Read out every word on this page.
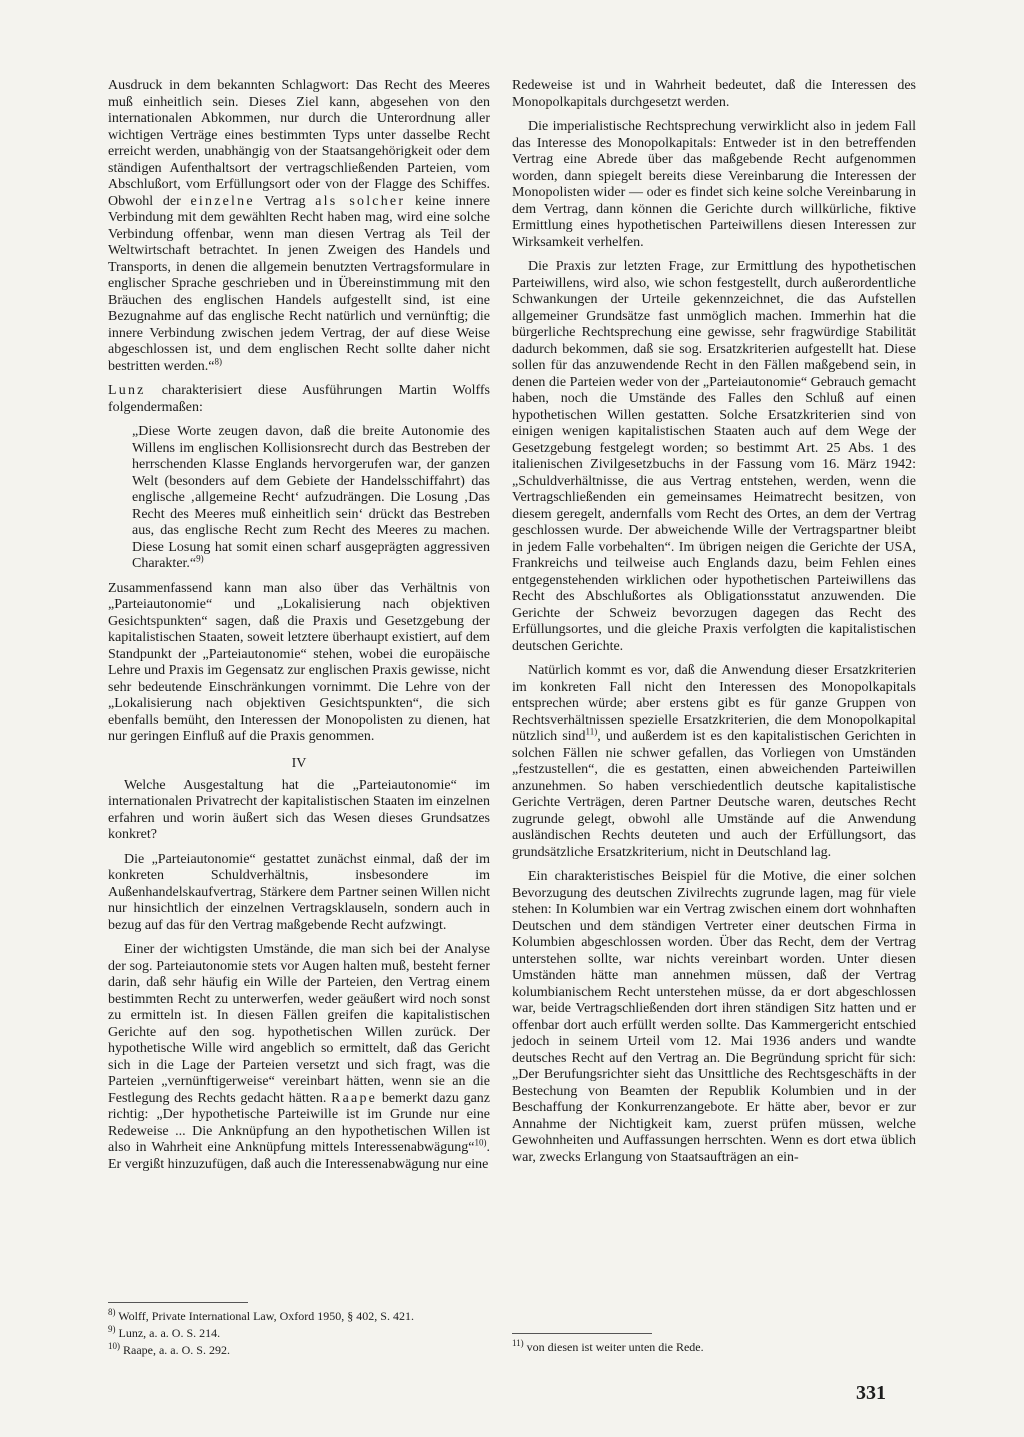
Ausdruck in dem bekannten Schlagwort: Das Recht des Meeres muß einheitlich sein. Dieses Ziel kann, abgesehen von den internationalen Abkommen, nur durch die Unterordnung aller wichtigen Verträge eines bestimmten Typs unter dasselbe Recht erreicht werden, unabhängig von der Staatsangehörigkeit oder dem ständigen Aufenthaltsort der vertragschließenden Parteien, vom Abschlußort, vom Erfüllungsort oder von der Flagge des Schiffes. Obwohl der einzelne Vertrag als solcher keine innere Verbindung mit dem gewählten Recht haben mag, wird eine solche Verbindung offenbar, wenn man diesen Vertrag als Teil der Weltwirtschaft betrachtet. In jenen Zweigen des Handels und Transports, in denen die allgemein benutzten Vertragsformulare in englischer Sprache geschrieben und in Übereinstimmung mit den Bräuchen des englischen Handels aufgestellt sind, ist eine Bezugnahme auf das englische Recht natürlich und vernünftig; die innere Verbindung zwischen jedem Vertrag, der auf diese Weise abgeschlossen ist, und dem englischen Recht sollte daher nicht bestritten werden.“$^{8)}$

Lunz charakterisiert diese Ausführungen Martin Wolffs folgendermaßen:

„Diese Worte zeugen davon, daß die breite Autonomie des Willens im englischen Kollisionsrecht durch das Bestreben der herrschenden Klasse Englands hervorgerufen war, der ganzen Welt (besonders auf dem Gebiete der Handelsschiffahrt) das englische ‚allgemeine Recht‘ aufzudrängen. Die Losung ‚Das Recht des Meeres muß einheitlich sein‘ drückt das Bestreben aus, das englische Recht zum Recht des Meeres zu machen. Diese Losung hat somit einen scharf ausgeprägten aggressiven Charakter.“$^{9)}$

Zusammenfassend kann man also über das Verhältnis von „Parteiautonomie“ und „Lokalisierung nach objektiven Gesichtspunkten“ sagen, daß die Praxis und Gesetzgebung der kapitalistischen Staaten, soweit letztere überhaupt existiert, auf dem Standpunkt der „Parteiautonomie“ stehen, wobei die europäische Lehre und Praxis im Gegensatz zur englischen Praxis gewisse, nicht sehr bedeutende Einschränkungen vornimmt. Die Lehre von der „Lokalisierung nach objektiven Gesichtspunkten“, die sich ebenfalls bemüht, den Interessen der Monopolisten zu dienen, hat nur geringen Einfluß auf die Praxis genommen.

IV

Welche Ausgestaltung hat die „Parteiautonomie“ im internationalen Privatrecht der kapitalistischen Staaten im einzelnen erfahren und worin äußert sich das Wesen dieses Grundsatzes konkret?

Die „Parteiautonomie“ gestattet zunächst einmal, daß der im konkreten Schuldverhältnis, insbesondere im Außenhandelskaufvertrag, Stärkere dem Partner seinen Willen nicht nur hinsichtlich der einzelnen Vertragsklauseln, sondern auch in bezug auf das für den Vertrag maßgebende Recht aufzwingt.

Einer der wichtigsten Umstände, die man sich bei der Analyse der sog. Parteiautonomie stets vor Augen halten muß, besteht ferner darin, daß sehr häufig ein Wille der Parteien, den Vertrag einem bestimmten Recht zu unterwerfen, weder geäußert wird noch sonst zu ermitteln ist. In diesen Fällen greifen die kapitalistischen Gerichte auf den sog. hypothetischen Willen zurück. Der hypothetische Wille wird angeblich so ermittelt, daß das Gericht sich in die Lage der Parteien versetzt und sich fragt, was die Parteien „vernünftigerweise“ vereinbart hätten, wenn sie an die Festlegung des Rechts gedacht hätten. Raape bemerkt dazu ganz richtig: „Der hypothetische Parteiwille ist im Grunde nur eine Redeweise ... Die Anknüpfung an den hypothetischen Willen ist also in Wahrheit eine Anknüpfung mittels Interessenabwägung“$^{10)}$. Er vergißt hinzuzufügen, daß auch die Interessenabwägung nur eine

Redeweise ist und in Wahrheit bedeutet, daß die Interessen des Monopolkapitals durchgesetzt werden.

Die imperialistische Rechtsprechung verwirklicht also in jedem Fall das Interesse des Monopolkapitals: Entweder ist in den betreffenden Vertrag eine Abrede über das maßgebende Recht aufgenommen worden, dann spiegelt bereits diese Vereinbarung die Interessen der Monopolisten wider — oder es findet sich keine solche Vereinbarung in dem Vertrag, dann können die Gerichte durch willkürliche, fiktive Ermittlung eines hypothetischen Parteiwillens diesen Interessen zur Wirksamkeit verhelfen.

Die Praxis zur letzten Frage, zur Ermittlung des hypothetischen Parteiwillens, wird also, wie schon festgestellt, durch außerordentliche Schwankungen der Urteile gekennzeichnet, die das Aufstellen allgemeiner Grundsätze fast unmöglich machen. Immerhin hat die bürgerliche Rechtsprechung eine gewisse, sehr fragwürdige Stabilität dadurch bekommen, daß sie sog. Ersatzkriterien aufgestellt hat. Diese sollen für das anzuwendende Recht in den Fällen maßgebend sein, in denen die Parteien weder von der „Parteiautonomie“ Gebrauch gemacht haben, noch die Umstände des Falles den Schluß auf einen hypothetischen Willen gestatten. Solche Ersatzkriterien sind von einigen wenigen kapitalistischen Staaten auch auf dem Wege der Gesetzgebung festgelegt worden; so bestimmt Art. 25 Abs. 1 des italienischen Zivilgesetzbuchs in der Fassung vom 16. März 1942: „Schuldverhältnisse, die aus Vertrag entstehen, werden, wenn die Vertragschließenden ein gemeinsames Heimatrecht besitzen, von diesem geregelt, andernfalls vom Recht des Ortes, an dem der Vertrag geschlossen wurde. Der abweichende Wille der Vertragspartner bleibt in jedem Falle vorbehalten“. Im übrigen neigen die Gerichte der USA, Frankreichs und teilweise auch Englands dazu, beim Fehlen eines entgegenstehenden wirklichen oder hypothetischen Parteiwillens das Recht des Abschlußortes als Obligationsstatut anzuwenden. Die Gerichte der Schweiz bevorzugen dagegen das Recht des Erfüllungsortes, und die gleiche Praxis verfolgten die kapitalistischen deutschen Gerichte.

Natürlich kommt es vor, daß die Anwendung dieser Ersatzkriterien im konkreten Fall nicht den Interessen des Monopolkapitals entsprechen würde; aber erstens gibt es für ganze Gruppen von Rechtsverhältnissen spezielle Ersatzkriterien, die dem Monopolkapital nützlich sind$^{11)}$, und außerdem ist es den kapitalistischen Gerichten in solchen Fällen nie schwer gefallen, das Vorliegen von Umständen „festzustellen“, die es gestatten, einen abweichenden Parteiwillen anzunehmen. So haben verschiedentlich deutsche kapitalistische Gerichte Verträgen, deren Partner Deutsche waren, deutsches Recht zugrunde gelegt, obwohl alle Umstände auf die Anwendung ausländischen Rechts deuteten und auch der Erfüllungsort, das grundsätzliche Ersatzkriterium, nicht in Deutschland lag.

Ein charakteristisches Beispiel für die Motive, die einer solchen Bevorzugung des deutschen Zivilrechts zugrunde lagen, mag für viele stehen: In Kolumbien war ein Vertrag zwischen einem dort wohnhaften Deutschen und dem ständigen Vertreter einer deutschen Firma in Kolumbien abgeschlossen worden. Über das Recht, dem der Vertrag unterstehen sollte, war nichts vereinbart worden. Unter diesen Umständen hätte man annehmen müssen, daß der Vertrag kolumbianischem Recht unterstehen müsse, da er dort abgeschlossen war, beide Vertragschließenden dort ihren ständigen Sitz hatten und er offenbar dort auch erfüllt werden sollte. Das Kammergericht entschied jedoch in seinem Urteil vom 12. Mai 1936 anders und wandte deutsches Recht auf den Vertrag an. Die Begründung spricht für sich: „Der Berufungsrichter sieht das Unsittliche des Rechtsgeschäfts in der Bestechung von Beamten der Republik Kolumbien und in der Beschaffung der Konkurrenzangebote. Er hätte aber, bevor er zur Annahme der Nichtigkeit kam, zuerst prüfen müssen, welche Gewohnheiten und Auffassungen herrschten. Wenn es dort etwa üblich war, zwecks Erlangung von Staatsaufträgen an ein-

$^{8)}$ Wolff, Private International Law, Oxford 1950, § 402, S. 421.
$^{9)}$ Lunz, a. a. O. S. 214.
$^{10)}$ Raape, a. a. O. S. 292.	$^{11)}$ von diesen ist weiter unten die Rede.
331
